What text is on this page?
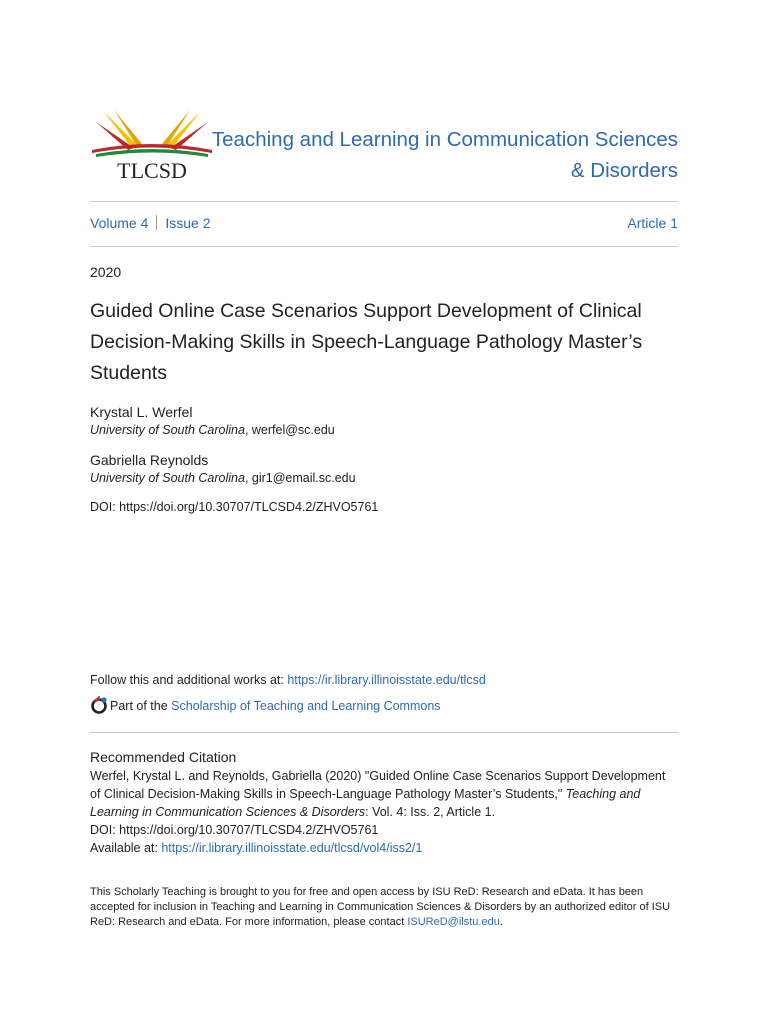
TLCSD
Teaching and Learning in Communication Sciences
& Disorders
Volume 4 Issue 2	Article 1
2020
Guided Online Case Scenarios Support Development of Clinical Decision-Making Skills in Speech-Language Pathology Master’s Students
Krystal L. Werfel
University of South Carolina, werfel@sc.edu
Gabriella Reynolds
University of South Carolina, gir1@email.sc.edu
DOI: https://doi.org/10.30707/TLCSD4.2/ZHVO5761
Follow this and additional works at: https://ir.library.illinoisstate.edu/tlcsd
Part of the Scholarship of Teaching and Learning Commons
Recommended Citation
Werfel, Krystal L. and Reynolds, Gabriella (2020) "Guided Online Case Scenarios Support Development of Clinical Decision-Making Skills in Speech-Language Pathology Master’s Students," Teaching and Learning in Communication Sciences & Disorders: Vol. 4: Iss. 2, Article 1.
DOI: https://doi.org/10.30707/TLCSD4.2/ZHVO5761
Available at: https://ir.library.illinoisstate.edu/tlcsd/vol4/iss2/1
This Scholarly Teaching is brought to you for free and open access by ISU ReD: Research and eData. It has been accepted for inclusion in Teaching and Learning in Communication Sciences & Disorders by an authorized editor of ISU ReD: Research and eData. For more information, please contact ISUReD@ilstu.edu.
